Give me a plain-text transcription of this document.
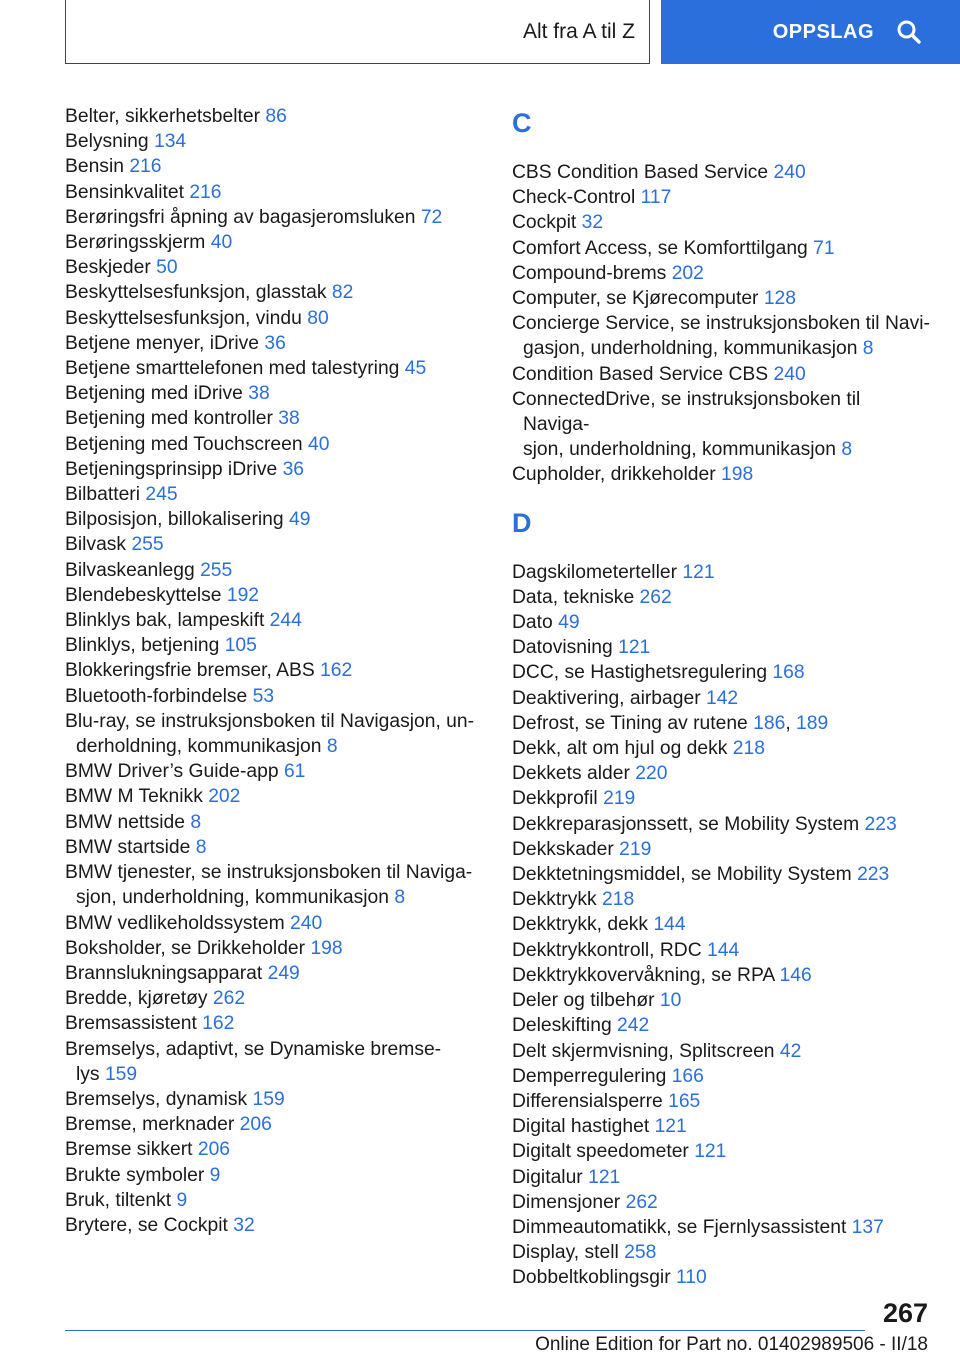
Alt fra A til Z	OPPSLAG
Belter, sikkerhetsbelter 86
Belysning 134
Bensin 216
Bensinkvalitet 216
Berøringsfri åpning av bagasjeromsluken 72
Berøringsskjerm 40
Beskjeder 50
Beskyttelsesfunksjon, glasstak 82
Beskyttelsesfunksjon, vindu 80
Betjene menyer, iDrive 36
Betjene smarttelefonen med talestyring 45
Betjening med iDrive 38
Betjening med kontroller 38
Betjening med Touchscreen 40
Betjeningsprinsipp iDrive 36
Bilbatteri 245
Bilposisjon, billokalisering 49
Bilvask 255
Bilvaskeanlegg 255
Blendebeskyttelse 192
Blinklys bak, lampeskift 244
Blinklys, betjening 105
Blokkeringsfrie bremser, ABS 162
Bluetooth-forbindelse 53
Blu-ray, se instruksjonsboken til Navigasjon, un-
derholdning, kommunikasjon 8
BMW Driver’s Guide-app 61
BMW M Teknikk 202
BMW nettside 8
BMW startside 8
BMW tjenester, se instruksjonsboken til Naviga-
sjon, underholdning, kommunikasjon 8
BMW vedlikeholdssystem 240
Boksholder, se Drikkeholder 198
Brannslukningsapparat 249
Bredde, kjøretøy 262
Bremsassistent 162
Bremselys, adaptivt, se Dynamiske bremse-
lys 159
Bremselys, dynamisk 159
Bremse, merknader 206
Bremse sikkert 206
Brukte symboler 9
Bruk, tiltenkt 9
Brytere, se Cockpit 32
C
CBS Condition Based Service 240
Check-Control 117
Cockpit 32
Comfort Access, se Komforttilgang 71
Compound-brems 202
Computer, se Kjørecomputer 128
Concierge Service, se instruksjonsboken til Navi-
gasjon, underholdning, kommunikasjon 8
Condition Based Service CBS 240
ConnectedDrive, se instruksjonsboken til Naviga-
sjon, underholdning, kommunikasjon 8
Cupholder, drikkeholder 198
D
Dagskilometerteller 121
Data, tekniske 262
Dato 49
Datovisning 121
DCC, se Hastighetsregulering 168
Deaktivering, airbager 142
Defrost, se Tining av rutene 186, 189
Dekk, alt om hjul og dekk 218
Dekkets alder 220
Dekkprofil 219
Dekkreparasjonssett, se Mobility System 223
Dekkskader 219
Dekktetningsmiddel, se Mobility System 223
Dekktrykk 218
Dekktrykk, dekk 144
Dekktrykkontroll, RDC 144
Dekktrykkovervåkning, se RPA 146
Deler og tilbehør 10
Deleskifting 242
Delt skjermvisning, Splitscreen 42
Demperregulering 166
Differensialsperre 165
Digital hastighet 121
Digitalt speedometer 121
Digitalur 121
Dimensjoner 262
Dimmeautomatikk, se Fjernlysassistent 137
Display, stell 258
Dobbeltkoblingsgir 110
267
Online Edition for Part no. 01402989506 - II/18
